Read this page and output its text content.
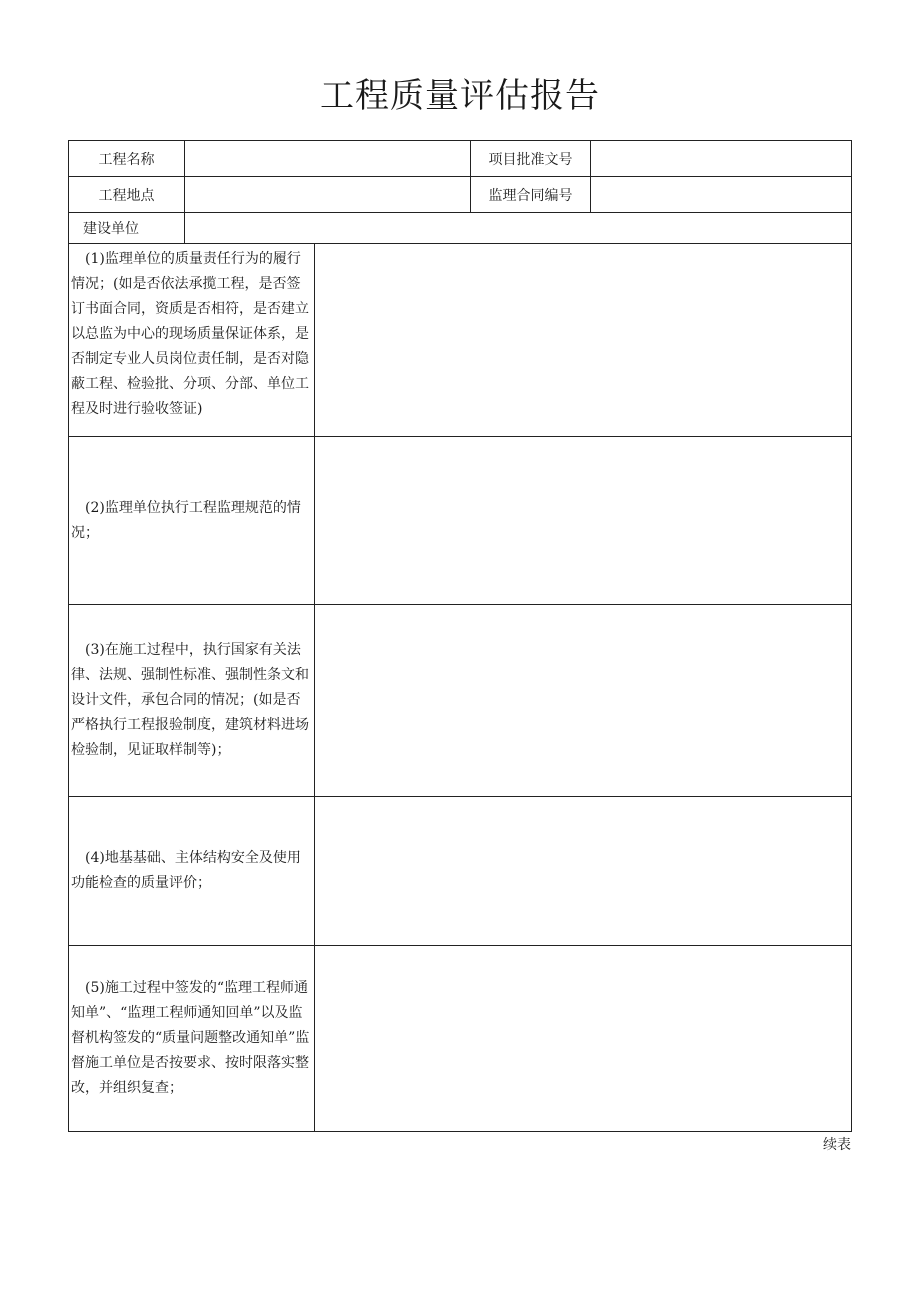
工程质量评估报告
工程名称			项目批准文号	
工程地点			监理合同编号	
建设单位				
(1)监理单位的质量责任行为的履行情况；(如是否依法承揽工程，是否签订书面合同，资质是否相符，是否建立以总监为中心的现场质量保证体系，是否制定专业人员岗位责任制，是否对隐蔽工程、检验批、分项、分部、单位工程及时进行验收签证)				
(2)监理单位执行工程监理规范的情况；				
(3)在施工过程中，执行国家有关法律、法规、强制性标准、强制性条文和设计文件，承包合同的情况；(如是否严格执行工程报验制度，建筑材料进场检验制，见证取样制等)；				
(4)地基基础、主体结构安全及使用功能检查的质量评价；				
(5)施工过程中签发的“监理工程师通知单”、“监理工程师通知回单”以及监督机构签发的“质量问题整改通知单”监督施工单位是否按要求、按时限落实整改，并组织复查；				
续表
